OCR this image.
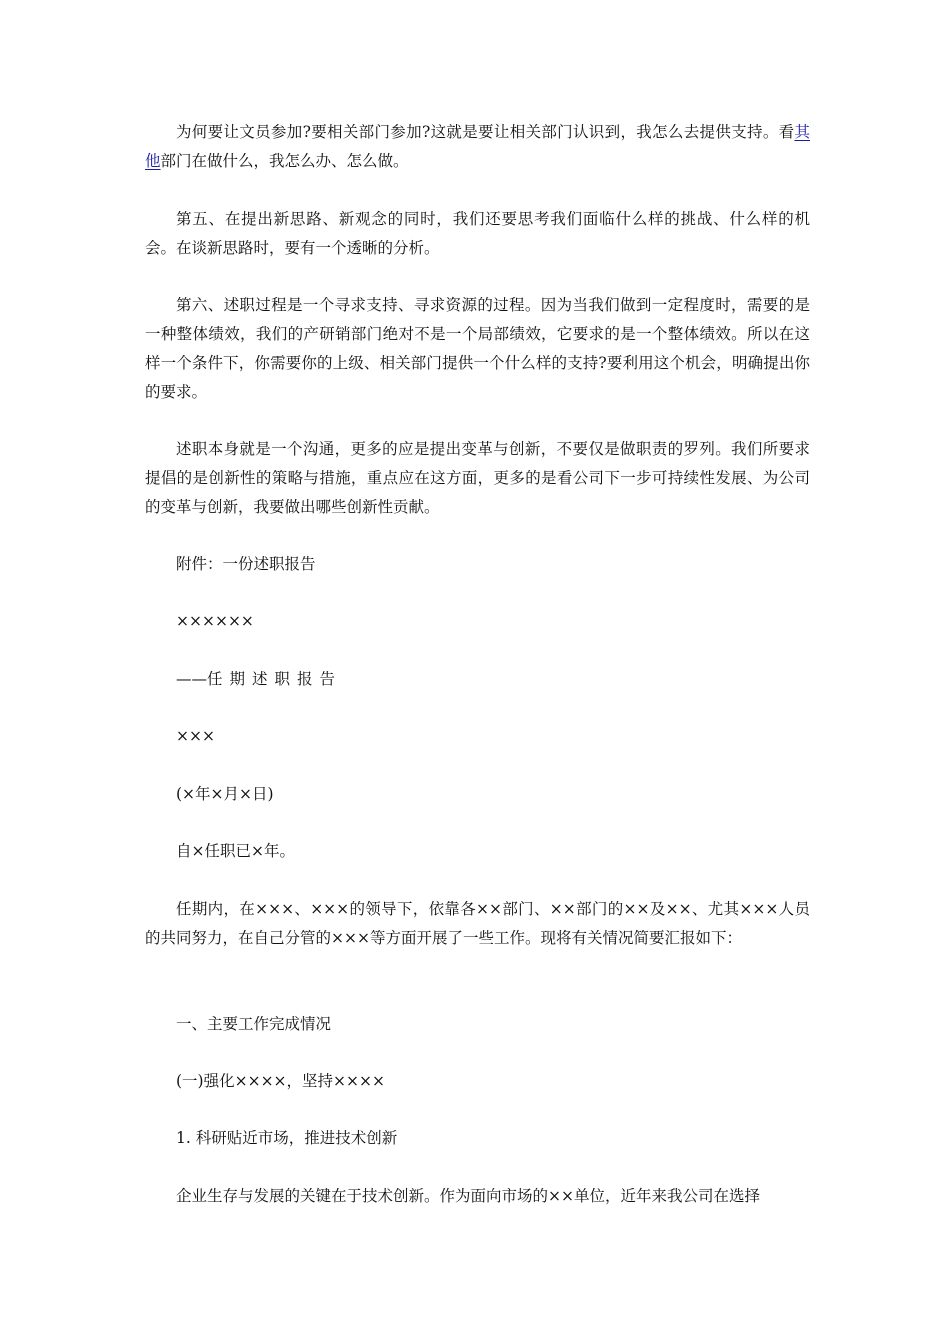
为何要让文员参加?要相关部门参加?这就是要让相关部门认识到，我怎么去提供支持。看其他部门在做什么，我怎么办、怎么做。

第五、在提出新思路、新观念的同时，我们还要思考我们面临什么样的挑战、什么样的机会。在谈新思路时，要有一个透晰的分析。

第六、述职过程是一个寻求支持、寻求资源的过程。因为当我们做到一定程度时，需要的是一种整体绩效，我们的产研销部门绝对不是一个局部绩效，它要求的是一个整体绩效。所以在这样一个条件下，你需要你的上级、相关部门提供一个什么样的支持?要利用这个机会，明确提出你的要求。

述职本身就是一个沟通，更多的应是提出变革与创新，不要仅是做职责的罗列。我们所要求提倡的是创新性的策略与措施，重点应在这方面，更多的是看公司下一步可持续性发展、为公司的变革与创新，我要做出哪些创新性贡献。

附件：一份述职报告

××××××

——任期述职报告

×××

(×年×月×日)

自×任职已×年。

任期内，在×××、×××的领导下，依靠各××部门、××部门的××及××、尤其×××人员的共同努力，在自己分管的×××等方面开展了一些工作。现将有关情况简要汇报如下：

一、主要工作完成情况

(一)强化××××，坚持××××

1. 科研贴近市场，推进技术创新

企业生存与发展的关键在于技术创新。作为面向市场的××单位，近年来我公司在选择
